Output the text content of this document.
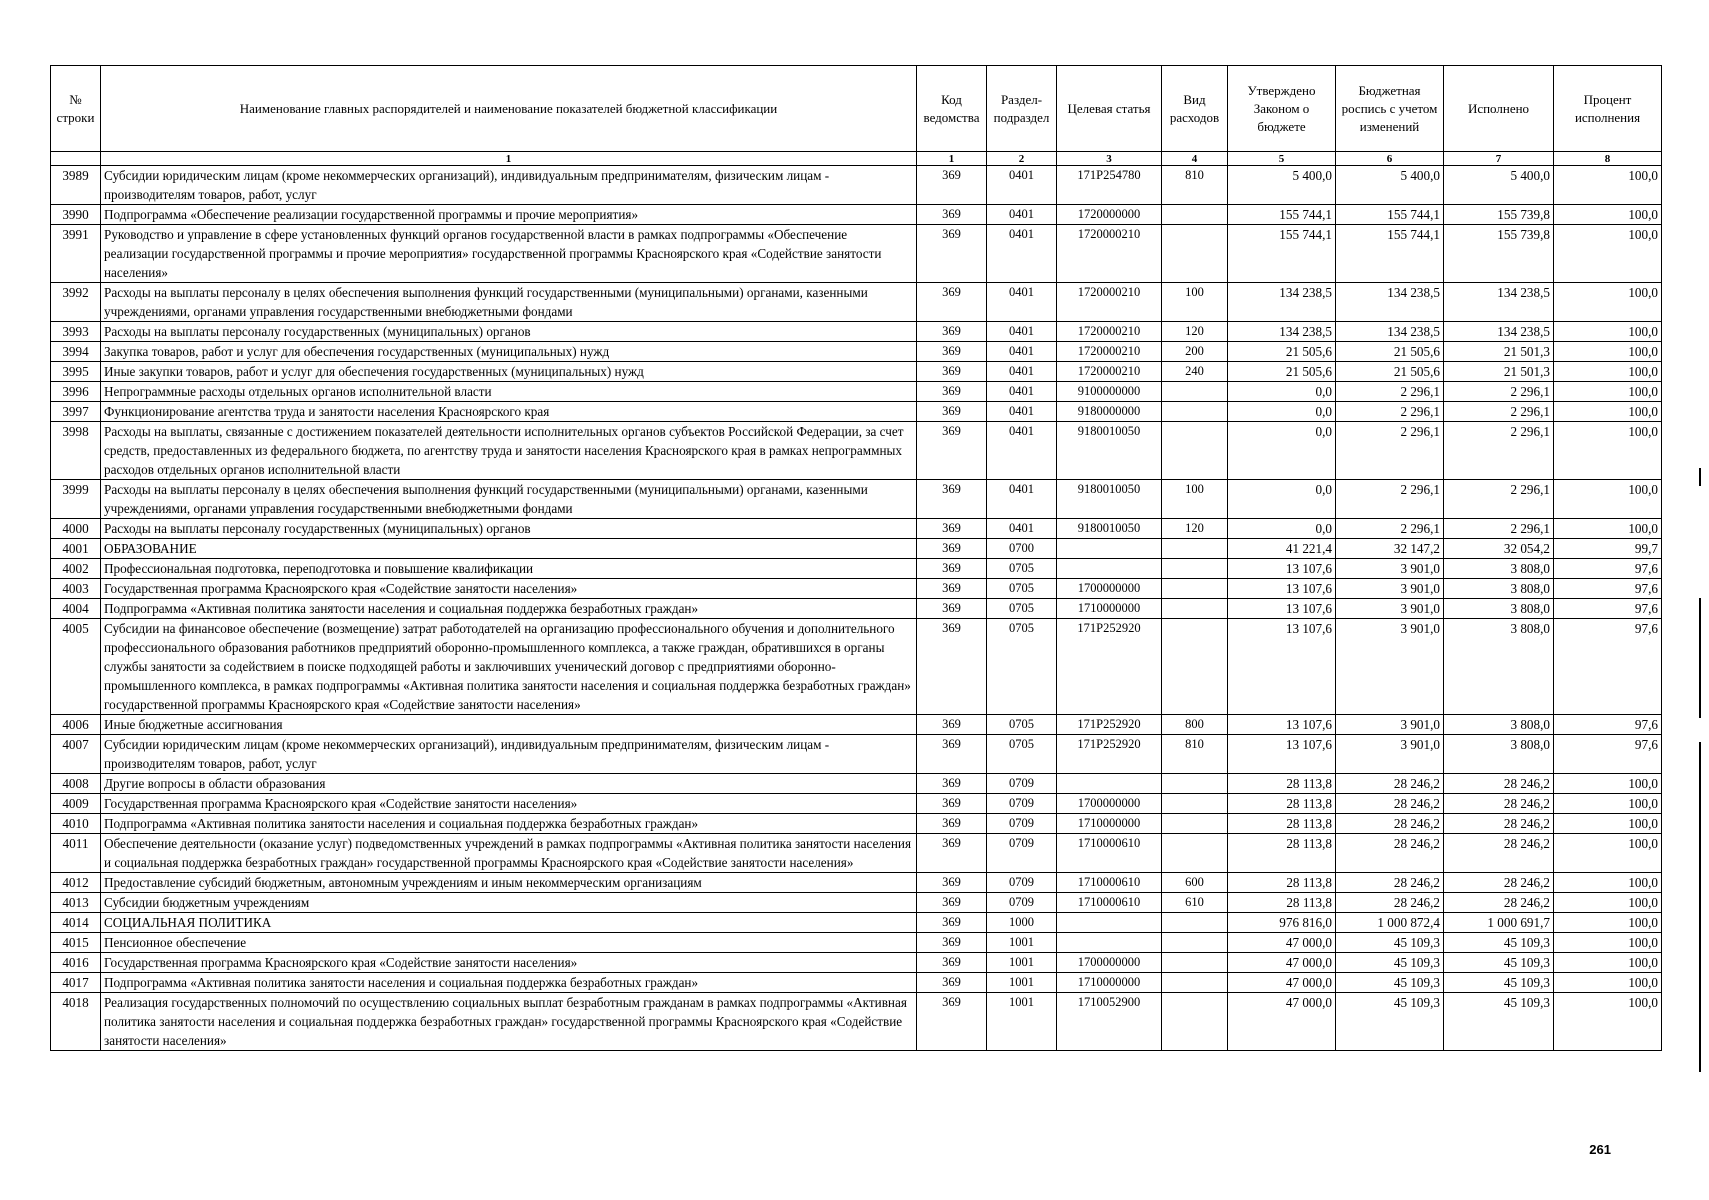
№ строки	Наименование главных распорядителей и наименование показателей бюджетной классификации	Код ведомства	Раздел-подраздел	Целевая статья	Вид расходов	Утверждено Законом о бюджете	Бюджетная роспись с учетом изменений	Исполнено	Процент исполнения
	1	1	2	3	4	5	6	7	8
3989	Субсидии юридическим лицам (кроме некоммерческих организаций), индивидуальным предпринимателям, физическим лицам - производителям товаров, работ, услуг	369	0401	171P254780	810	5 400,0	5 400,0	5 400,0	100,0
3990	Подпрограмма «Обеспечение реализации государственной программы и прочие мероприятия»	369	0401	1720000000		155 744,1	155 744,1	155 739,8	100,0
3991	Руководство и управление в сфере установленных функций органов государственной власти в рамках подпрограммы «Обеспечение реализации государственной программы и прочие мероприятия» государственной программы Красноярского края «Содействие занятости населения»	369	0401	1720000210		155 744,1	155 744,1	155 739,8	100,0
3992	Расходы на выплаты персоналу в целях обеспечения выполнения функций государственными (муниципальными) органами, казенными учреждениями, органами управления государственными внебюджетными фондами	369	0401	1720000210	100	134 238,5	134 238,5	134 238,5	100,0
3993	Расходы на выплаты персоналу государственных (муниципальных) органов	369	0401	1720000210	120	134 238,5	134 238,5	134 238,5	100,0
3994	Закупка товаров, работ и услуг для обеспечения государственных (муниципальных) нужд	369	0401	1720000210	200	21 505,6	21 505,6	21 501,3	100,0
3995	Иные закупки товаров, работ и услуг для обеспечения государственных (муниципальных) нужд	369	0401	1720000210	240	21 505,6	21 505,6	21 501,3	100,0
3996	Непрограммные расходы отдельных органов исполнительной власти	369	0401	9100000000		0,0	2 296,1	2 296,1	100,0
3997	Функционирование агентства труда и занятости населения Красноярского края	369	0401	9180000000		0,0	2 296,1	2 296,1	100,0
3998	Расходы на выплаты, связанные с достижением показателей деятельности исполнительных органов субъектов Российской Федерации, за счет средств, предоставленных из федерального бюджета, по агентству труда и занятости населения Красноярского края в рамках непрограммных расходов отдельных органов исполнительной власти	369	0401	9180010050		0,0	2 296,1	2 296,1	100,0
3999	Расходы на выплаты персоналу в целях обеспечения выполнения функций государственными (муниципальными) органами, казенными учреждениями, органами управления государственными внебюджетными фондами	369	0401	9180010050	100	0,0	2 296,1	2 296,1	100,0
4000	Расходы на выплаты персоналу государственных (муниципальных) органов	369	0401	9180010050	120	0,0	2 296,1	2 296,1	100,0
4001	ОБРАЗОВАНИЕ	369	0700			41 221,4	32 147,2	32 054,2	99,7
4002	Профессиональная подготовка, переподготовка и повышение квалификации	369	0705			13 107,6	3 901,0	3 808,0	97,6
4003	Государственная программа Красноярского края «Содействие занятости населения»	369	0705	1700000000		13 107,6	3 901,0	3 808,0	97,6
4004	Подпрограмма «Активная политика занятости населения и социальная поддержка безработных граждан»	369	0705	1710000000		13 107,6	3 901,0	3 808,0	97,6
4005	Субсидии на финансовое обеспечение (возмещение) затрат работодателей на организацию профессионального обучения и дополнительного профессионального образования работников предприятий оборонно-промышленного комплекса, а также граждан, обратившихся в органы службы занятости за содействием в поиске подходящей работы и заключивших ученический договор с предприятиями оборонно-промышленного комплекса, в рамках подпрограммы «Активная политика занятости населения и социальная поддержка безработных граждан» государственной программы Красноярского края «Содействие занятости населения»	369	0705	171P252920		13 107,6	3 901,0	3 808,0	97,6
4006	Иные бюджетные ассигнования	369	0705	171P252920	800	13 107,6	3 901,0	3 808,0	97,6
4007	Субсидии юридическим лицам (кроме некоммерческих организаций), индивидуальным предпринимателям, физическим лицам - производителям товаров, работ, услуг	369	0705	171P252920	810	13 107,6	3 901,0	3 808,0	97,6
4008	Другие вопросы в области образования	369	0709			28 113,8	28 246,2	28 246,2	100,0
4009	Государственная программа Красноярского края «Содействие занятости населения»	369	0709	1700000000		28 113,8	28 246,2	28 246,2	100,0
4010	Подпрограмма «Активная политика занятости населения и социальная поддержка безработных граждан»	369	0709	1710000000		28 113,8	28 246,2	28 246,2	100,0
4011	Обеспечение деятельности (оказание услуг) подведомственных учреждений в рамках подпрограммы «Активная политика занятости населения и социальная поддержка безработных граждан» государственной программы Красноярского края «Содействие занятости населения»	369	0709	1710000610		28 113,8	28 246,2	28 246,2	100,0
4012	Предоставление субсидий бюджетным, автономным учреждениям и иным некоммерческим организациям	369	0709	1710000610	600	28 113,8	28 246,2	28 246,2	100,0
4013	Субсидии бюджетным учреждениям	369	0709	1710000610	610	28 113,8	28 246,2	28 246,2	100,0
4014	СОЦИАЛЬНАЯ ПОЛИТИКА	369	1000			976 816,0	1 000 872,4	1 000 691,7	100,0
4015	Пенсионное обеспечение	369	1001			47 000,0	45 109,3	45 109,3	100,0
4016	Государственная программа Красноярского края «Содействие занятости населения»	369	1001	1700000000		47 000,0	45 109,3	45 109,3	100,0
4017	Подпрограмма «Активная политика занятости населения и социальная поддержка безработных граждан»	369	1001	1710000000		47 000,0	45 109,3	45 109,3	100,0
4018	Реализация государственных полномочий по осуществлению социальных выплат безработным гражданам в рамках подпрограммы «Активная политика занятости населения и социальная поддержка безработных граждан» государственной программы Красноярского края «Содействие занятости населения»	369	1001	1710052900		47 000,0	45 109,3	45 109,3	100,0
261
